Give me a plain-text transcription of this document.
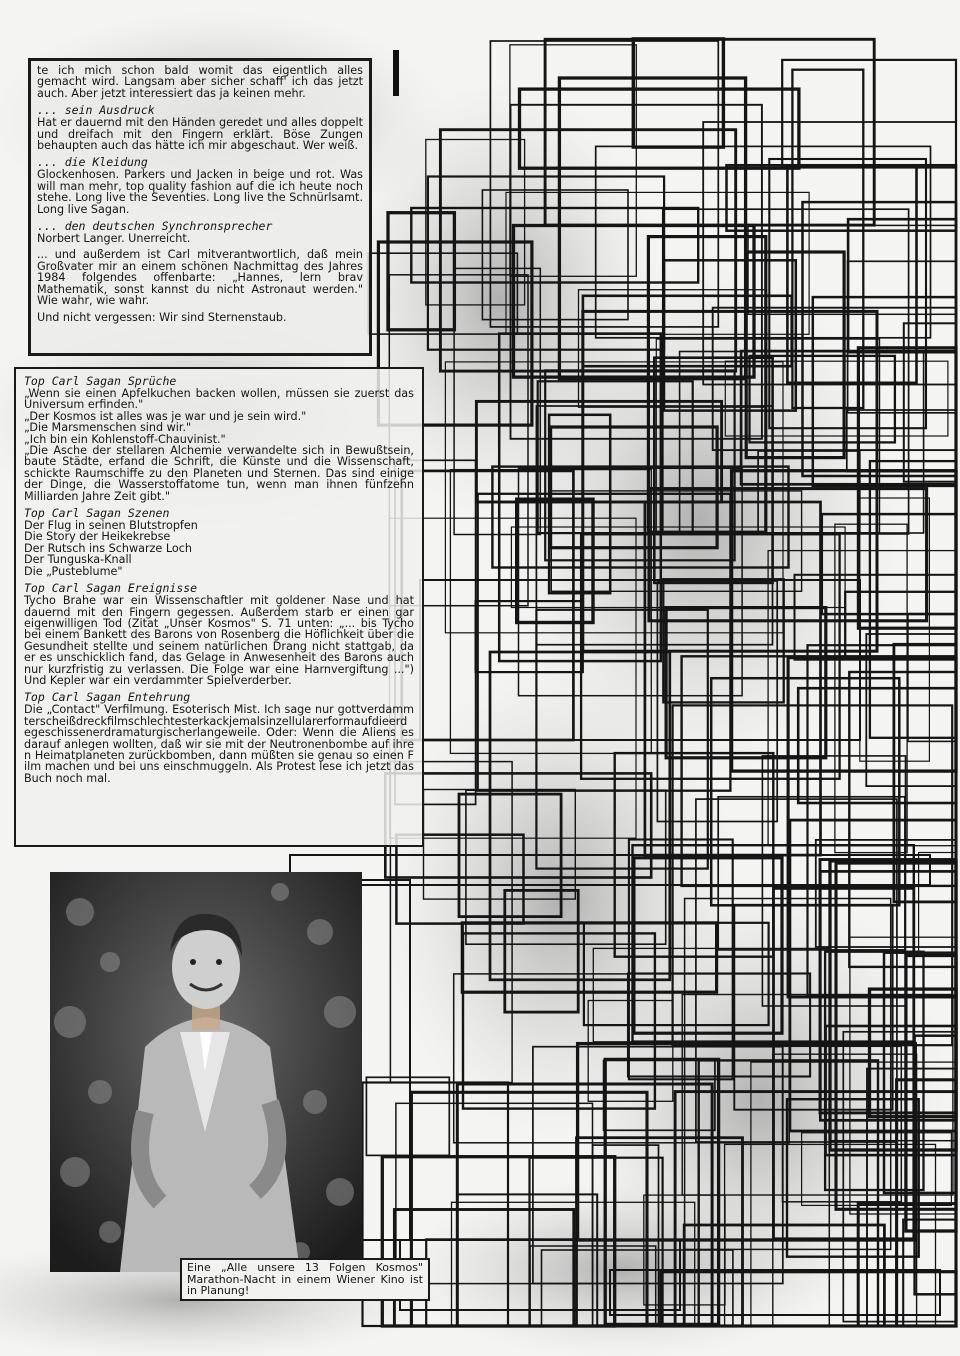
te ich mich schon bald womit das eigentlich alles gemacht wird. Langsam aber sicher schaff' ich das jetzt auch. Aber jetzt interessiert das ja keinen mehr.

... sein Ausdruck

Hat er dauernd mit den Händen geredet und alles doppelt und dreifach mit den Fingern erklärt. Böse Zungen behaupten auch das hätte ich mir abgeschaut. Wer weiß.

... die Kleidung

Glockenhosen. Parkers und Jacken in beige und rot. Was will man mehr, top quality fashion auf die ich heute noch stehe. Long live the Seventies. Long live the Schnürlsamt. Long live Sagan.

... den deutschen Synchronsprecher

Norbert Langer. Unerreicht.

... und außerdem ist Carl mitverantwortlich, daß mein Großvater mir an einem schönen Nachmittag des Jahres 1984 folgendes offenbarte: „Hannes, lern brav Mathematik, sonst kannst du nicht Astronaut werden." Wie wahr, wie wahr.

Und nicht vergessen: Wir sind Sternenstaub.

Top Carl Sagan Sprüche
„Wenn sie einen Apfelkuchen backen wollen, müssen sie zuerst das Universum erfinden."
„Der Kosmos ist alles was je war und je sein wird."
„Die Marsmenschen sind wir."
„Ich bin ein Kohlenstoff-Chauvinist."
„Die Asche der stellaren Alchemie verwandelte sich in Bewußtsein, baute Städte, erfand die Schrift, die Künste und die Wissenschaft, schickte Raumschiffe zu den Planeten und Sternen. Das sind einige der Dinge, die Wasserstoffatome tun, wenn man ihnen fünfzehn Milliarden Jahre Zeit gibt."
Top Carl Sagan Szenen
Der Flug in seinen Blutstropfen
Die Story der Heikekrebse
Der Rutsch ins Schwarze Loch
Der Tunguska-Knall
Die „Pusteblume"
Top Carl Sagan Ereignisse

Tycho Brahe war ein Wissenschaftler mit goldener Nase und hat dauernd mit den Fingern gegessen. Außerdem starb er einen gar eigenwilligen Tod (Zitat „Unser Kosmos" S. 71 unten: „... bis Tycho bei einem Bankett des Barons von Rosenberg die Höflichkeit über die Gesundheit stellte und seinem natürlichen Drang nicht stattgab, da er es unschicklich fand, das Gelage in Anwesenheit des Barons auch nur kurzfristig zu verlassen. Die Folge war eine Harnvergiftung ...") Und Kepler war ein verdammter Spielverderber.

Top Carl Sagan Entehrung

Die „Contact" Verfilmung. Esoterisch Mist. Ich sage nur gottverdammterscheißdreckfilmschlechtesterkackjemalsinzellularerformaufdieerdegeschissenerdramaturgischerlangeweile. Oder: Wenn die Aliens es darauf anlegen wollten, daß wir sie mit der Neutronenbombe auf ihren Heimatplaneten zurückbomben, dann müßten sie genau so einen Film machen und bei uns einschmuggeln. Als Protest lese ich jetzt das Buch noch mal.

Eine „Alle unsere 13 Folgen Kosmos" Marathon-Nacht in einem Wiener Kino ist in Planung!
